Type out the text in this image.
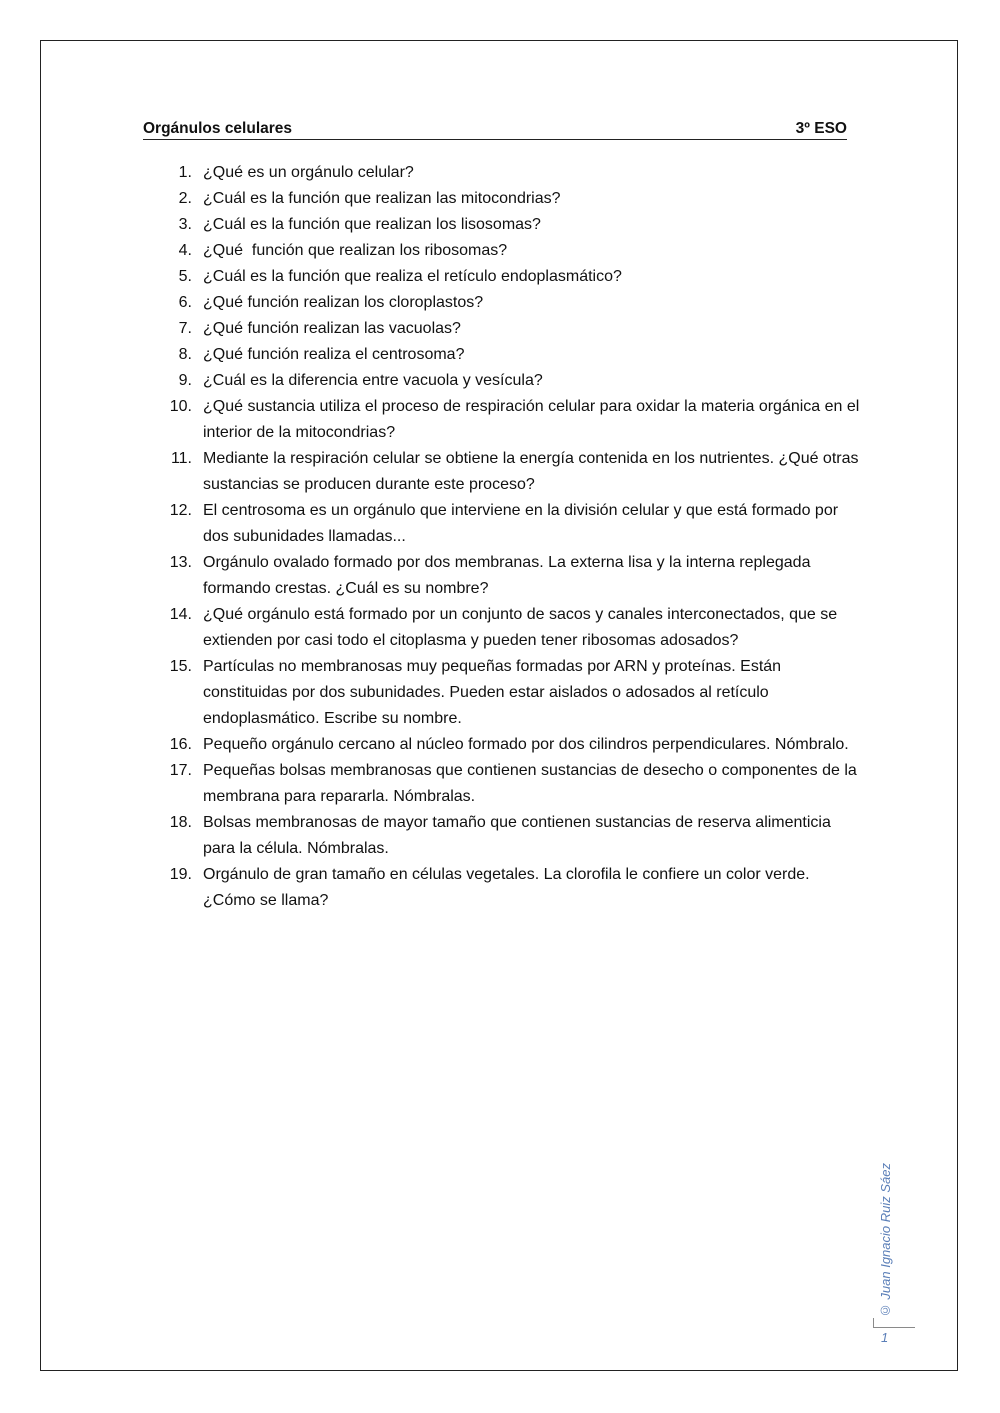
Orgánulos celulares	3º ESO
1. ¿Qué es un orgánulo celular?
2. ¿Cuál es la función que realizan las mitocondrias?
3. ¿Cuál es la función que realizan los lisosomas?
4. ¿Qué  función que realizan los ribosomas?
5. ¿Cuál es la función que realiza el retículo endoplasmático?
6. ¿Qué función realizan los cloroplastos?
7. ¿Qué función realizan las vacuolas?
8. ¿Qué función realiza el centrosoma?
9. ¿Cuál es la diferencia entre vacuola y vesícula?
10. ¿Qué sustancia utiliza el proceso de respiración celular para oxidar la materia orgánica en el interior de la mitocondrias?
11. Mediante la respiración celular se obtiene la energía contenida en los nutrientes. ¿Qué otras sustancias se producen durante este proceso?
12. El centrosoma es un orgánulo que interviene en la división celular y que está formado por dos subunidades llamadas...
13. Orgánulo ovalado formado por dos membranas. La externa lisa y la interna replegada formando crestas. ¿Cuál es su nombre?
14. ¿Qué orgánulo está formado por un conjunto de sacos y canales interconectados, que se extienden por casi todo el citoplasma y pueden tener ribosomas adosados?
15. Partículas no membranosas muy pequeñas formadas por ARN y proteínas. Están constituidas por dos subunidades. Pueden estar aislados o adosados al retículo endoplasmático. Escribe su nombre.
16. Pequeño orgánulo cercano al núcleo formado por dos cilindros perpendiculares. Nómbralo.
17. Pequeñas bolsas membranosas que contienen sustancias de desecho o componentes de la membrana para repararla. Nómbralas.
18. Bolsas membranosas de mayor tamaño que contienen sustancias de reserva alimenticia para la célula. Nómbralas.
19. Orgánulo de gran tamaño en células vegetales. La clorofila le confiere un color verde. ¿Cómo se llama?
© Juan Ignacio Ruiz Sáez
1
